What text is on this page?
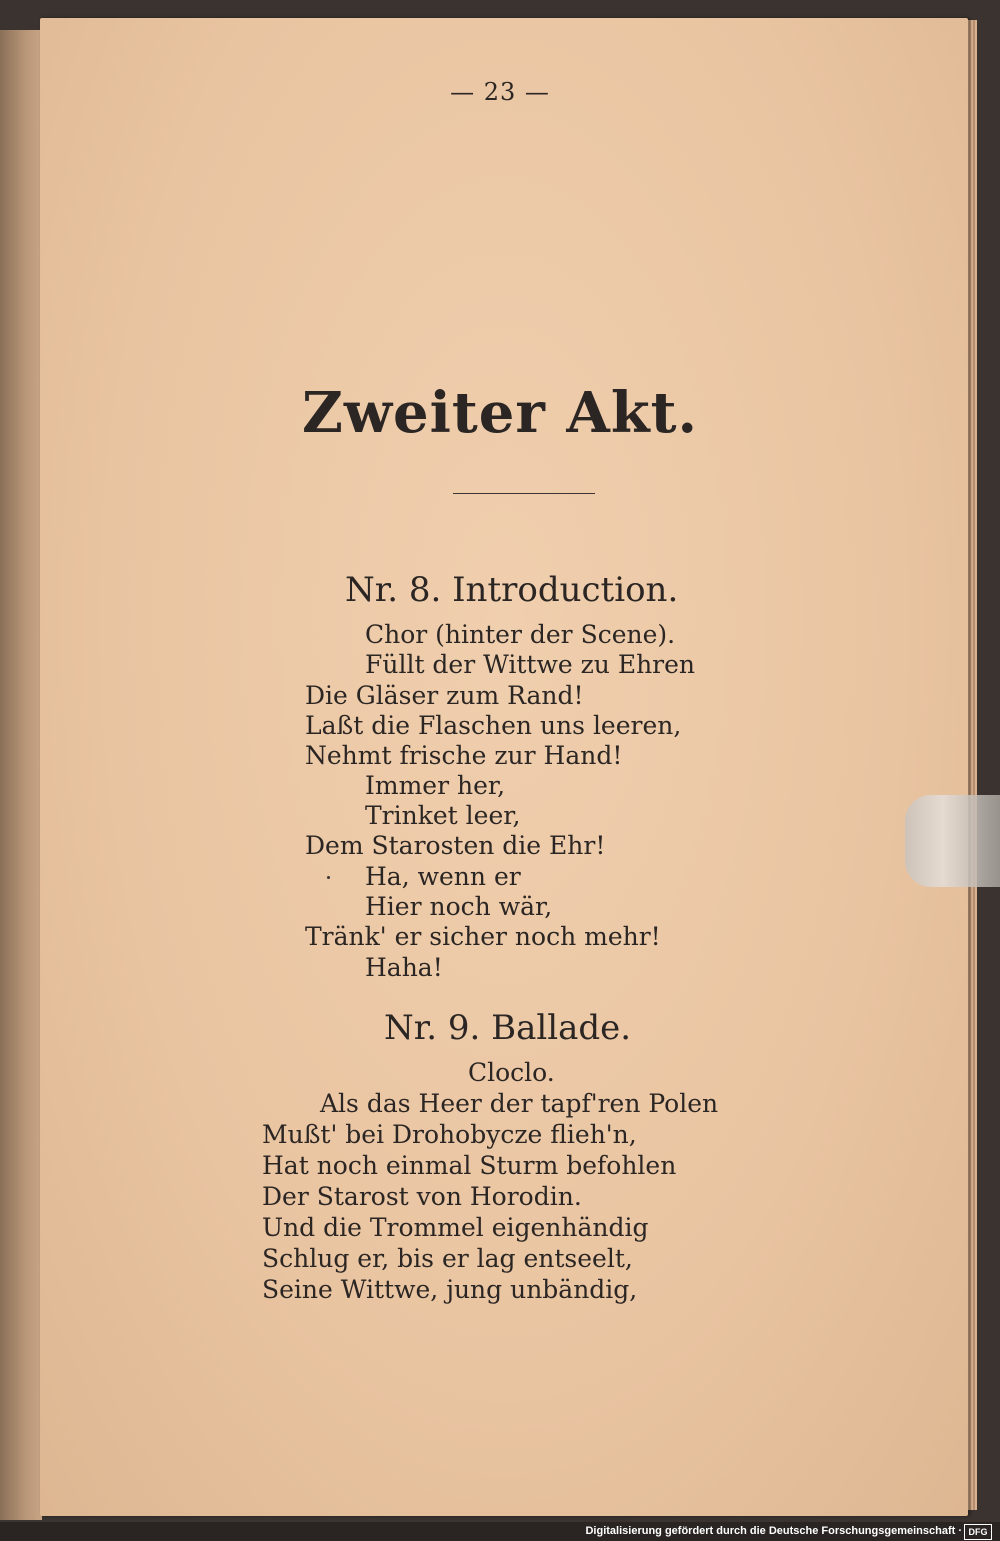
— 23 —
Zweiter Akt.
Nr. 8. Introduction.
Chor (hinter der Scene).
Füllt der Wittwe zu Ehren
Die Gläser zum Rand!
Laßt die Flaschen uns leeren,
Nehmt frische zur Hand!
Immer her,
Trinket leer,
Dem Starosten die Ehr!
Ha, wenn er
Hier noch wär,
Tränk' er sicher noch mehr!
Haha!
Nr. 9. Ballade.
Cloclo.
Als das Heer der tapf'ren Polen
Mußt' bei Drohobycze flieh'n,
Hat noch einmal Sturm befohlen
Der Starost von Horodin.
Und die Trommel eigenhändig
Schlug er, bis er lag entseelt,
Seine Wittwe, jung unbändig,
Digitalisierung gefördert durch die Deutsche Forschungsgemeinschaft · DFG
